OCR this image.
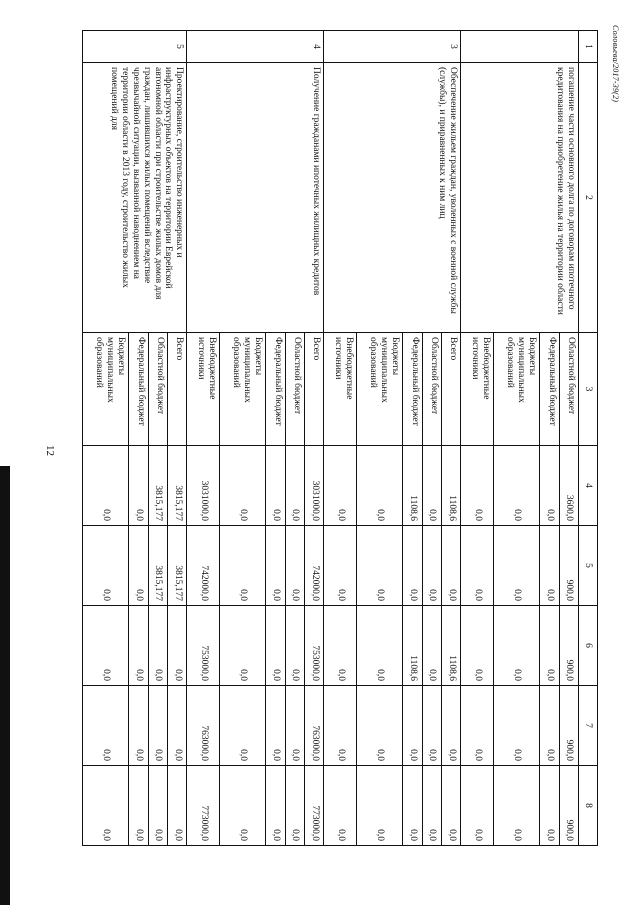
12
Соловьева/2017-39(2)
1	2	3	4	5	6	7	8
	погашение части основного долга по договорам ипотечного кредитования на приобретение жилья на территории области	Областной бюджет	3600,0	900,0	900,0	900,0	900,0
		Федеральный бюджет	0,0	0,0	0,0	0,0	0,0
		Бюджеты муниципальных образований	0,0	0,0	0,0	0,0	0,0
		Внебюджетные источники	0,0	0,0	0,0	0,0	0,0
3	Обеспечение жильем граждан, уволенных с военной службы (службы), и приравненных к ним лиц	Всего	1108,6	0,0	1108,6	0,0	0,0
		Областной бюджет	0,0	0,0	0,0	0,0	0,0
		Федеральный бюджет	1108,6	0,0	1108,6	0,0	0,0
		Бюджеты муниципальных образований	0,0	0,0	0,0	0,0	0,0
		Внебюджетные источники	0,0	0,0	0,0	0,0	0,0
4	Получение гражданами ипотечных жилищных кредитов	Всего	3031000,0	742000,0	753000,0	763000,0	773000,0
		Областной бюджет	0,0	0,0	0,0	0,0	0,0
		Федеральный бюджет	0,0	0,0	0,0	0,0	0,0
		Бюджеты муниципальных образований	0,0	0,0	0,0	0,0	0,0
		Внебюджетные источники	3031000,0	742000,0	753000,0	763000,0	773000,0
5	Проектирование, строительство инженерных и инфраструктурных объектов на территории Еврейской автономной области при строительстве жилых домов для граждан, лишившихся жилых помещений вследствие чрезвычайной ситуации, вызванной наводнением на территории области в 2013 году, строительство жилых помещений для	Всего	3815,177	3815,177	0,0	0,0	0,0
		Областной бюджет	3815,177	3815,177	0,0	0,0	0,0
		Федеральный бюджет	0,0	0,0	0,0	0,0	0,0
		Бюджеты муниципальных образований	0,0	0,0	0,0	0,0	0,0
